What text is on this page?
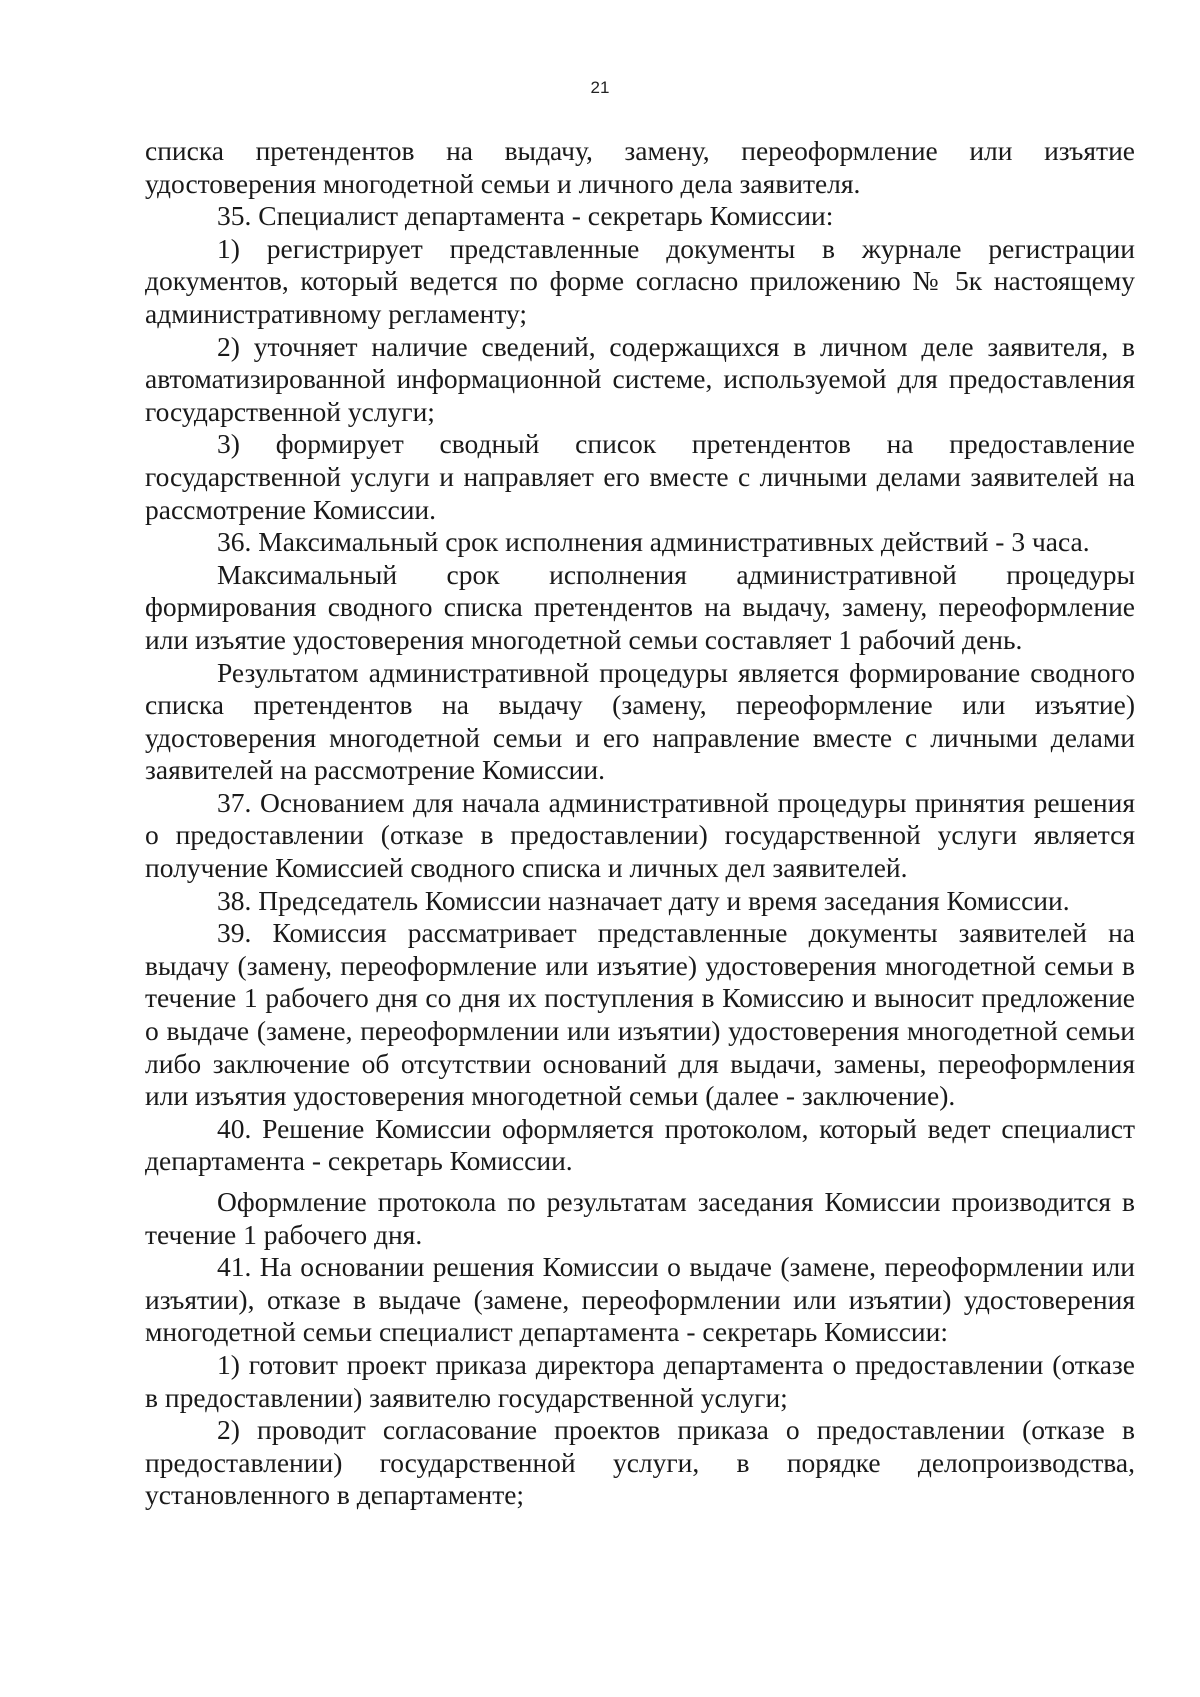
21

списка претендентов на выдачу, замену, переоформление или изъятие удостоверения многодетной семьи и личного дела заявителя.

35. Специалист департамента - секретарь Комиссии:

1) регистрирует представленные документы в журнале регистрации документов, который ведется по форме согласно приложению № 5к настоящему административному регламенту;

2) уточняет наличие сведений, содержащихся в личном деле заявителя, в автоматизированной информационной системе, используемой для предоставления государственной услуги;

3) формирует сводный список претендентов на предоставление государственной услуги и направляет его вместе с личными делами заявителей на рассмотрение Комиссии.

36. Максимальный срок исполнения административных действий - 3 часа.

Максимальный срок исполнения административной процедуры формирования сводного списка претендентов на выдачу, замену, переоформление или изъятие удостоверения многодетной семьи составляет 1 рабочий день.

Результатом административной процедуры является формирование сводного списка претендентов на выдачу (замену, переоформление или изъятие) удостоверения многодетной семьи и его направление вместе с личными делами заявителей на рассмотрение Комиссии.

37. Основанием для начала административной процедуры принятия решения о предоставлении (отказе в предоставлении) государственной услуги является получение Комиссией сводного списка и личных дел заявителей.

38. Председатель Комиссии назначает дату и время заседания Комиссии.

39. Комиссия рассматривает представленные документы заявителей на выдачу (замену, переоформление или изъятие) удостоверения многодетной семьи в течение 1 рабочего дня со дня их поступления в Комиссию и выносит предложение о выдаче (замене, переоформлении или изъятии) удостоверения многодетной семьи либо заключение об отсутствии оснований для выдачи, замены, переоформления или изъятия удостоверения многодетной семьи (далее - заключение).

40. Решение Комиссии оформляется протоколом, который ведет специалист департамента - секретарь Комиссии.

Оформление протокола по результатам заседания Комиссии производится в течение 1 рабочего дня.

41. На основании решения Комиссии о выдаче (замене, переоформлении или изъятии), отказе в выдаче (замене, переоформлении или изъятии) удостоверения многодетной семьи специалист департамента - секретарь Комиссии:

1) готовит проект приказа директора департамента о предоставлении (отказе в предоставлении) заявителю государственной услуги;

2) проводит согласование проектов приказа о предоставлении (отказе в предоставлении) государственной услуги, в порядке делопроизводства, установленного в департаменте;
